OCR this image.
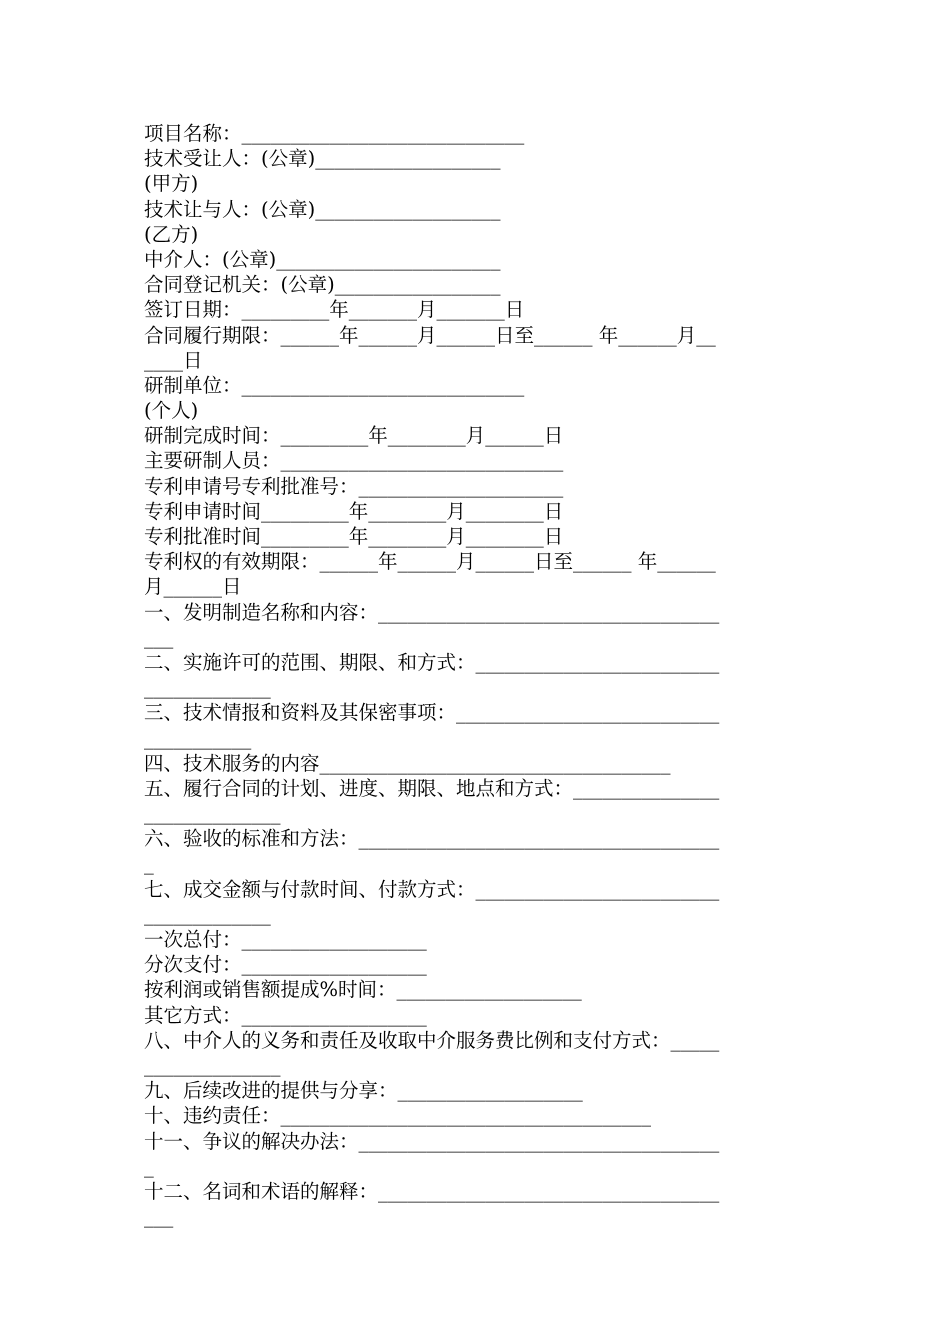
项目名称：_____________________________
技术受让人：(公章)___________________
(甲方)
技术让与人：(公章)___________________
(乙方)
中介人：(公章)_______________________
合同登记机关：(公章)_________________
签订日期：_________年_______月_______日
合同履行期限：______年______月______日至______ 年______月__
____日
研制单位：_____________________________
(个人)
研制完成时间：_________年________月______日
主要研制人员：_____________________________
专利申请号专利批准号：_____________________
专利申请时间_________年________月________日
专利批准时间_________年________月________日
专利权的有效期限：______年______月______日至______ 年______
月______日
一、发明制造名称和内容：___________________________________
___
二、实施许可的范围、期限、和方式：_________________________
_____________
三、技术情报和资料及其保密事项：___________________________
___________
四、技术服务的内容____________________________________
五、履行合同的计划、进度、期限、地点和方式：_______________
______________
六、验收的标准和方法：_____________________________________
_
七、成交金额与付款时间、付款方式：_________________________
_____________
一次总付：___________________
分次支付：___________________
按利润或销售额提成%时间：___________________
其它方式：___________________
八、中介人的义务和责任及收取中介服务费比例和支付方式：_____
______________
九、后续改进的提供与分享：___________________
十、违约责任：______________________________________
十一、争议的解决办法：_____________________________________
_
十二、名词和术语的解释：___________________________________
___
